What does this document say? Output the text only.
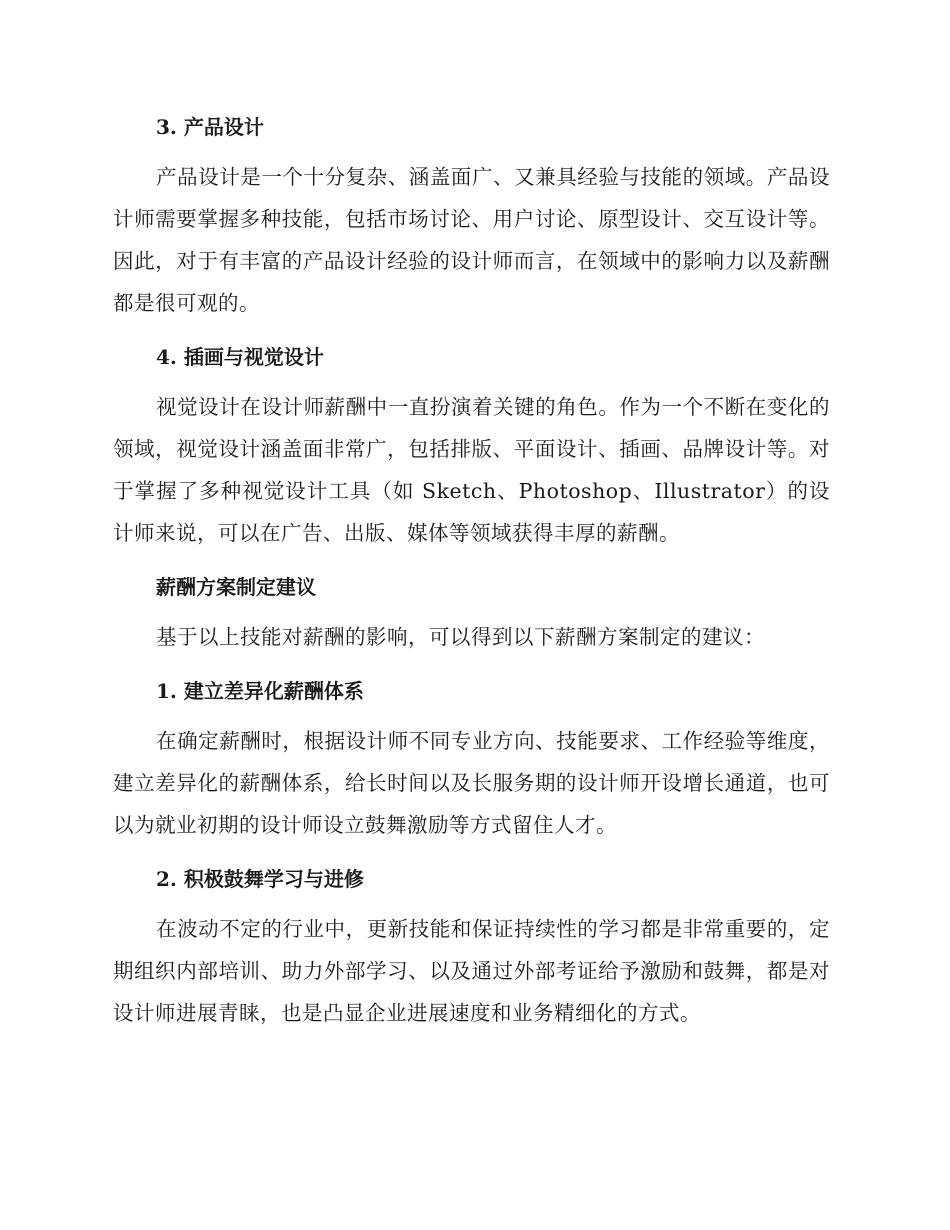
3. 产品设计

产品设计是一个十分复杂、涵盖面广、又兼具经验与技能的领域。产品设计师需要掌握多种技能，包括市场讨论、用户讨论、原型设计、交互设计等。因此，对于有丰富的产品设计经验的设计师而言，在领域中的影响力以及薪酬都是很可观的。

4. 插画与视觉设计

视觉设计在设计师薪酬中一直扮演着关键的角色。作为一个不断在变化的领域，视觉设计涵盖面非常广，包括排版、平面设计、插画、品牌设计等。对于掌握了多种视觉设计工具（如 Sketch、Photoshop、Illustrator）的设计师来说，可以在广告、出版、媒体等领域获得丰厚的薪酬。

薪酬方案制定建议

基于以上技能对薪酬的影响，可以得到以下薪酬方案制定的建议：

1. 建立差异化薪酬体系

在确定薪酬时，根据设计师不同专业方向、技能要求、工作经验等维度，建立差异化的薪酬体系，给长时间以及长服务期的设计师开设增长通道，也可以为就业初期的设计师设立鼓舞激励等方式留住人才。

2. 积极鼓舞学习与进修

在波动不定的行业中，更新技能和保证持续性的学习都是非常重要的，定期组织内部培训、助力外部学习、以及通过外部考证给予激励和鼓舞，都是对设计师进展青睐，也是凸显企业进展速度和业务精细化的方式。
